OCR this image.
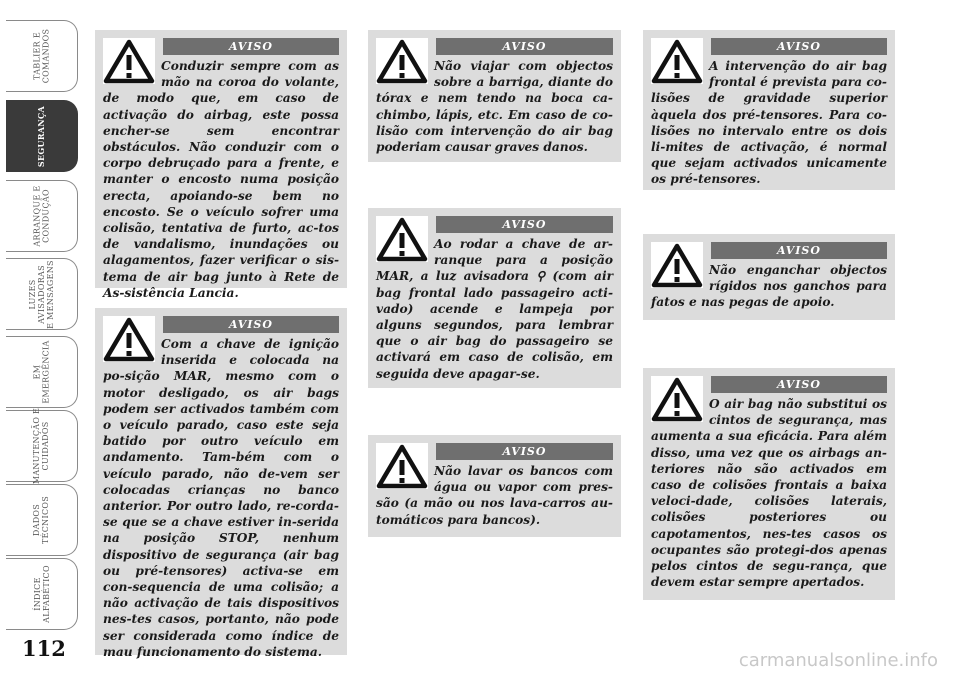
TABLIER E
COMANDOS
SEGURANÇA
ARRANQUE E
CONDUÇÃO
LUZES
AVISADORAS
E MENSAGENS
EM
EMERGÊNCIA
MANUTENÇÃO E
CUIDADOS
DADOS
TÉCNICOS
ÍNDICE
ALFABÉTICO
112
AVISO
Conduzir sempre com as mão na coroa do volante, de modo que, em caso de activação do airbag, este possa encher-se sem encontrar obstáculos. Não conduzir com o corpo debruçado para a frente, e manter o encosto numa posição erecta, apoiando-se bem no encosto. Se o veículo sofrer uma colisão, tentativa de furto, ac-tos de vandalismo, inundações ou alagamentos, fazer verificar o sis-tema de air bag junto à Rete de As-sistência Lancia.
AVISO
Com a chave de ignição inserida e colocada na po-sição MAR, mesmo com o motor desligado, os air bags podem ser activados também com o veículo parado, caso este seja batido por outro veículo em andamento. Tam-bém com o veículo parado, não de-vem ser colocadas crianças no banco anterior. Por outro lado, re-corda-se que se a chave estiver in-serida na posição STOP, nenhum dispositivo de segurança (air bag ou pré-tensores) activa-se em con-sequencia de uma colisão; a não activação de tais dispositivos nes-tes casos, portanto, não pode ser considerada como índice de mau funcionamento do sistema.
AVISO
Não viajar com objectos sobre a barriga, diante do tórax e nem tendo na boca ca-chimbo, lápis, etc. Em caso de co-lisão com intervenção do air bag poderiam causar graves danos.
AVISO
Ao rodar a chave de ar-ranque para a posição MAR, a luz avisadora ⚲ (com air bag frontal lado passageiro acti-vado) acende e lampeja por alguns segundos, para lembrar que o air bag do passageiro se activará em caso de colisão, em seguida deve apagar-se.
AVISO
Não lavar os bancos com água ou vapor com pres-são (a mão ou nos lava-carros au-tomáticos para bancos).
AVISO
A intervenção do air bag frontal é prevista para co-lisões de gravidade superior àquela dos pré-tensores. Para co-lisões no intervalo entre os dois li-mites de activação, é normal que sejam activados unicamente os pré-tensores.
AVISO
Não enganchar objectos rígidos nos ganchos para fatos e nas pegas de apoio.
AVISO
O air bag não substitui os cintos de segurança, mas aumenta a sua eficácia. Para além disso, uma vez que os airbags an-teriores não são activados em caso de colisões frontais a baixa veloci-dade, colisões laterais, colisões posteriores ou capotamentos, nes-tes casos os ocupantes são protegi-dos apenas pelos cintos de segu-rança, que devem estar sempre apertados.
carmanualsonline.info
